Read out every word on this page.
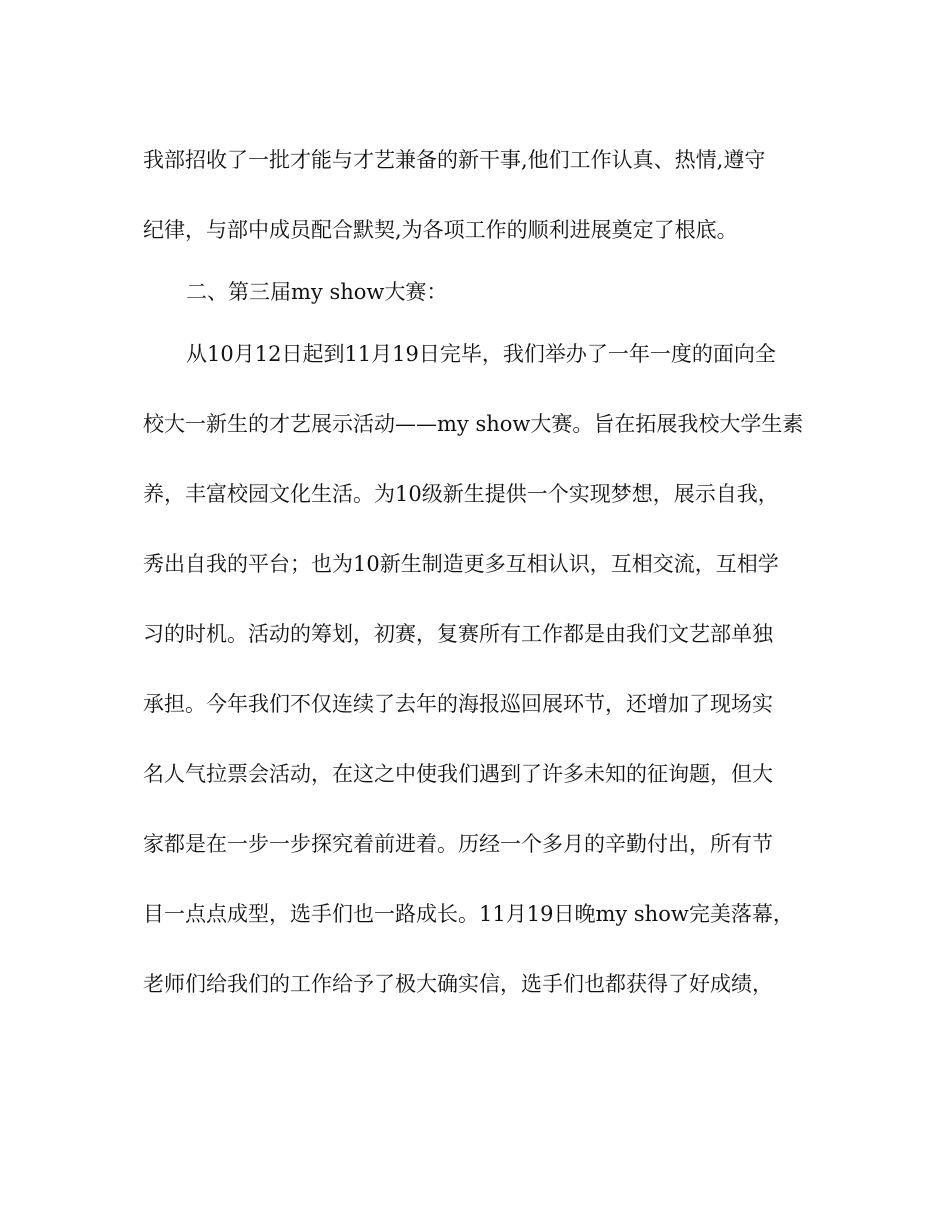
我部招收了一批才能与才艺兼备的新干事,他们工作认真、热情,遵守
纪律，与部中成员配合默契,为各项工作的顺利进展奠定了根底。
二、第三届my show大赛：
从10月12日起到11月19日完毕，我们举办了一年一度的面向全
校大一新生的才艺展示活动——my show大赛。旨在拓展我校大学生素
养，丰富校园文化生活。为10级新生提供一个实现梦想，展示自我，
秀出自我的平台；也为10新生制造更多互相认识，互相交流，互相学
习的时机。活动的筹划，初赛，复赛所有工作都是由我们文艺部单独
承担。今年我们不仅连续了去年的海报巡回展环节，还增加了现场实
名人气拉票会活动，在这之中使我们遇到了许多未知的征询题，但大
家都是在一步一步探究着前进着。历经一个多月的辛勤付出，所有节
目一点点成型，选手们也一路成长。11月19日晚my show完美落幕，
老师们给我们的工作给予了极大确实信，选手们也都获得了好成绩，
